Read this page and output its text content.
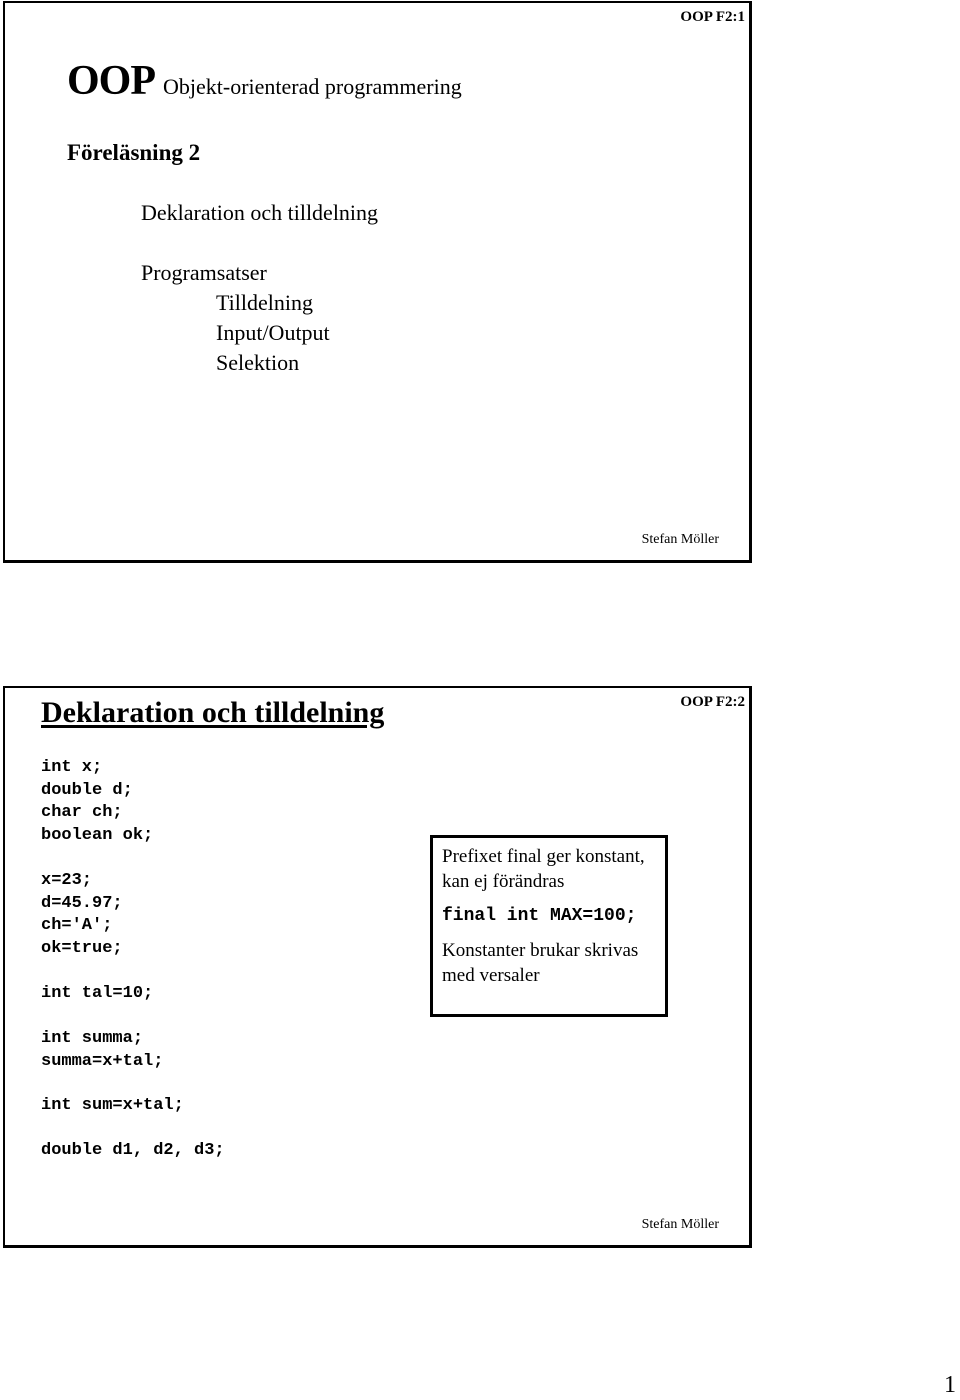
OOP F2:1
OOP Objekt-orienterad programmering
Föreläsning 2
Deklaration och tilldelning
Programsatser
Tilldelning
Input/Output
Selektion
Stefan Möller
Deklaration och tilldelning	OOP F2:2
int x;
double d;
char ch;
boolean ok;
x=23;
d=45.97;
ch='A';
ok=true;
int tal=10;
int summa;
summa=x+tal;
int sum=x+tal;
double d1, d2, d3;
Prefixet final ger konstant,
kan ej förändras
final int MAX=100;
Konstanter brukar skrivas
med versaler
Stefan Möller
1
